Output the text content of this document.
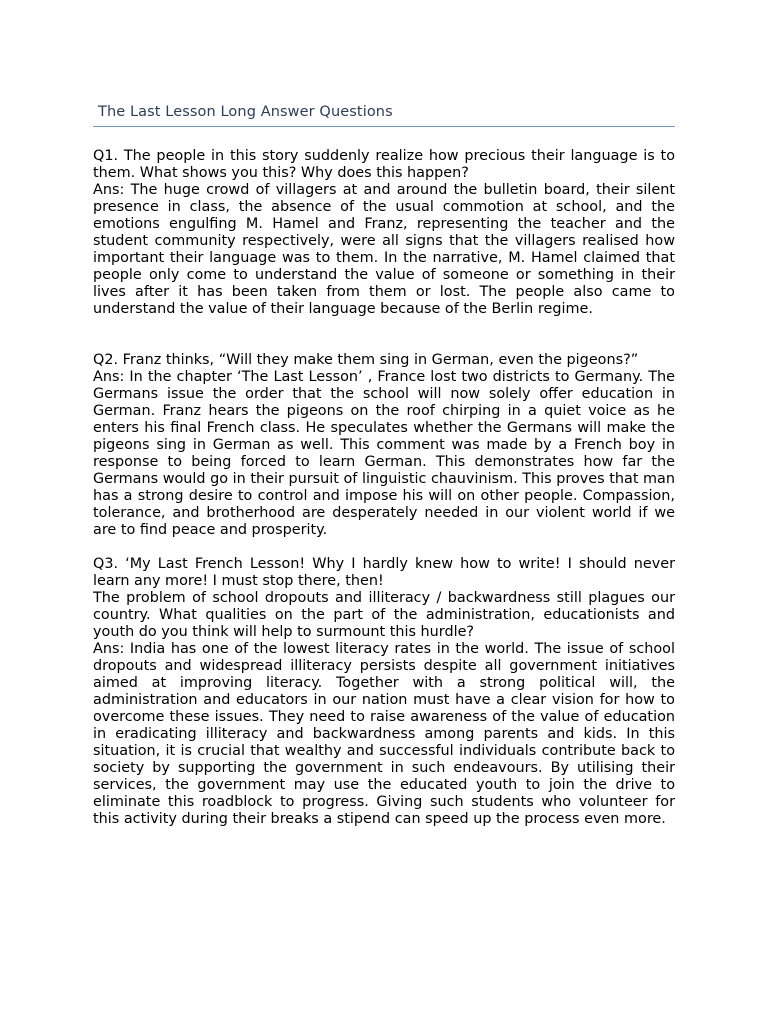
The Last Lesson Long Answer Questions

Q1. The people in this story suddenly realize how precious their language is to them. What shows you this? Why does this happen?

Ans: The huge crowd of villagers at and around the bulletin board, their silent presence in class, the absence of the usual commotion at school, and the emotions engulfing M. Hamel and Franz, representing the teacher and the student community respectively, were all signs that the villagers realised how important their language was to them. In the narrative, M. Hamel claimed that people only come to understand the value of someone or something in their lives after it has been taken from them or lost. The people also came to understand the value of their language because of the Berlin regime.

Q2. Franz thinks, “Will they make them sing in German, even the pigeons?”

Ans: In the chapter ‘The Last Lesson’ , France lost two districts to Germany. The Germans issue the order that the school will now solely offer education in German. Franz hears the pigeons on the roof chirping in a quiet voice as he enters his final French class. He speculates whether the Germans will make the pigeons sing in German as well. This comment was made by a French boy in response to being forced to learn German. This demonstrates how far the Germans would go in their pursuit of linguistic chauvinism. This proves that man has a strong desire to control and impose his will on other people. Compassion, tolerance, and brotherhood are desperately needed in our violent world if we are to find peace and prosperity.

Q3. ‘My Last French Lesson! Why I hardly knew how to write! I should never learn any more! I must stop there, then!

The problem of school dropouts and illiteracy / backwardness still plagues our country. What qualities on the part of the administration, educationists and youth do you think will help to surmount this hurdle?

Ans: India has one of the lowest literacy rates in the world. The issue of school dropouts and widespread illiteracy persists despite all government initiatives aimed at improving literacy. Together with a strong political will, the administration and educators in our nation must have a clear vision for how to overcome these issues. They need to raise awareness of the value of education in eradicating illiteracy and backwardness among parents and kids. In this situation, it is crucial that wealthy and successful individuals contribute back to society by supporting the government in such endeavours. By utilising their services, the government may use the educated youth to join the drive to eliminate this roadblock to progress. Giving such students who volunteer for this activity during their breaks a stipend can speed up the process even more.
